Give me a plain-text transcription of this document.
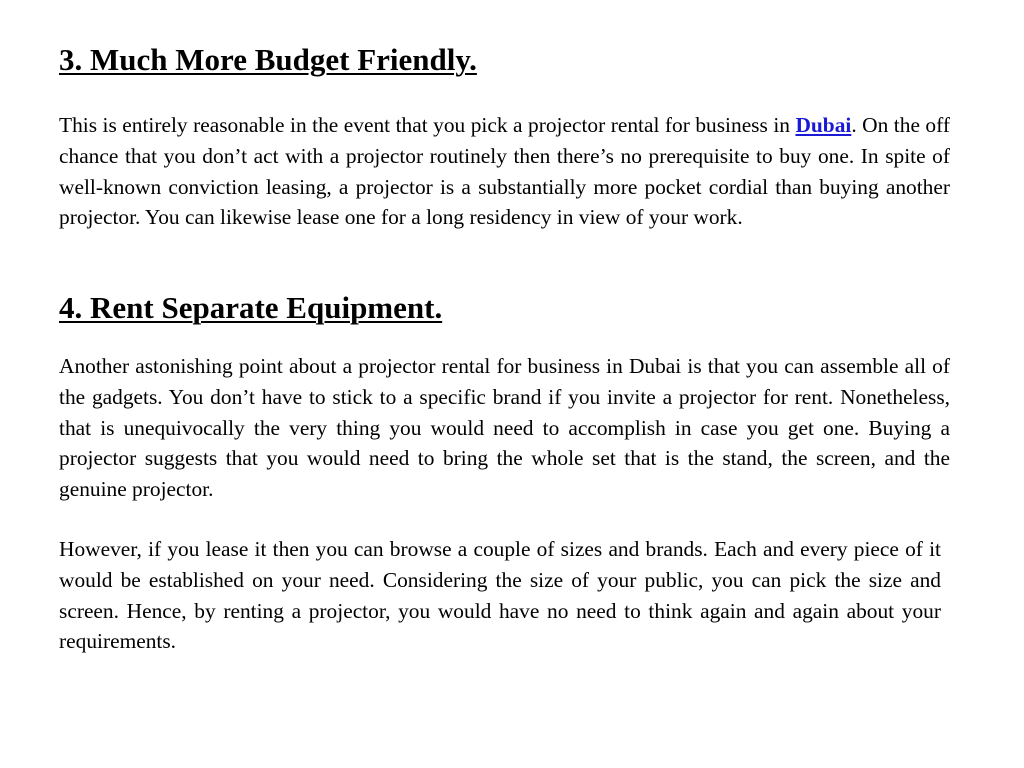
3. Much More Budget Friendly.

This is entirely reasonable in the event that you pick a projector rental for business in Dubai. On the off chance that you don’t act with a projector routinely then there’s no prerequisite to buy one. In spite of well-known conviction leasing, a projector is a substantially more pocket cordial than buying another projector. You can likewise lease one for a long residency in view of your work.

4. Rent Separate Equipment.

Another astonishing point about a projector rental for business in Dubai is that you can assemble all of the gadgets. You don’t have to stick to a specific brand if you invite a projector for rent. Nonetheless, that is unequivocally the very thing you would need to accomplish in case you get one. Buying a projector suggests that you would need to bring the whole set that is the stand, the screen, and the genuine projector.

However, if you lease it then you can browse a couple of sizes and brands. Each and every piece of it would be established on your need. Considering the size of your public, you can pick the size and screen. Hence, by renting a projector, you would have no need to think again and again about your requirements.
